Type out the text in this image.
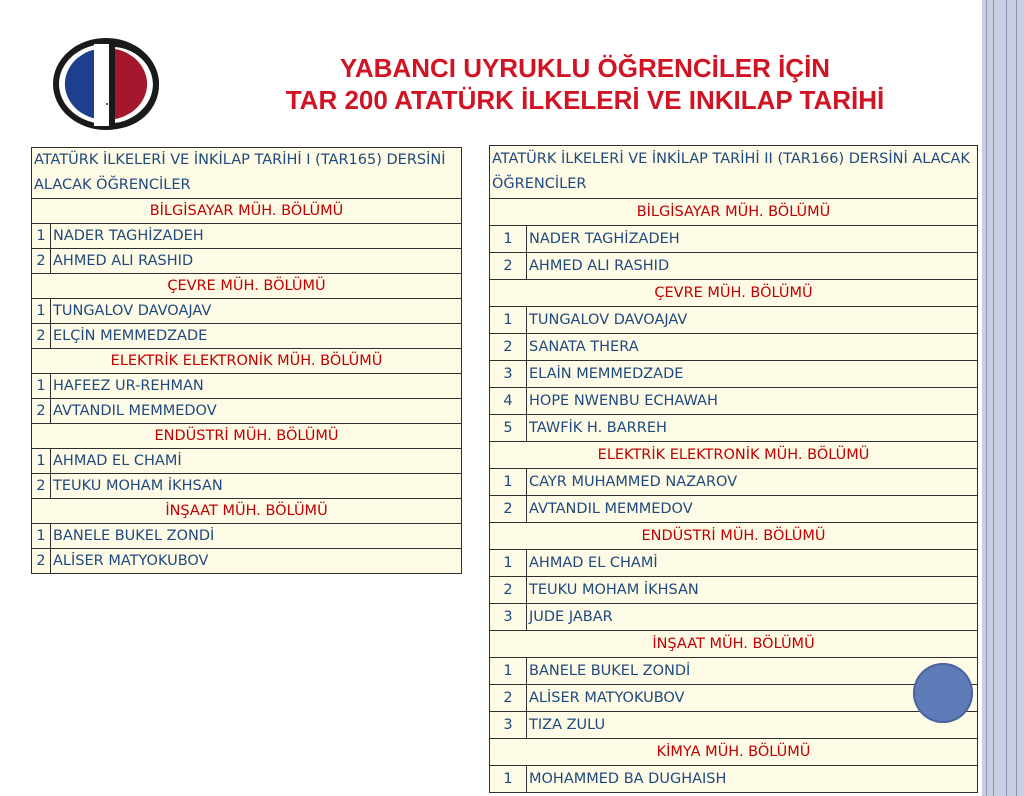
YABANCI UYRUKLU ÖĞRENCİLER İÇİN
TAR 200 ATATÜRK İLKELERİ VE INKILAP TARİHİ
ATATÜRK İLKELERİ VE İNKİLAP TARİHİ I (TAR165) DERSİNİ ALACAK ÖĞRENCİLER	
BİLGİSAYAR MÜH. BÖLÜMÜ	
1	NADER TAGHİZADEH
2	AHMED ALI RASHID
ÇEVRE MÜH. BÖLÜMÜ	
1	TUNGALOV DAVOAJAV
2	ELÇİN MEMMEDZADE
ELEKTRİK ELEKTRONİK MÜH. BÖLÜMÜ	
1	HAFEEZ UR-REHMAN
2	AVTANDIL MEMMEDOV
ENDÜSTRİ MÜH. BÖLÜMÜ	
1	AHMAD EL CHAMİ
2	TEUKU MOHAM İKHSAN
İNŞAAT MÜH. BÖLÜMÜ	
1	BANELE BUKEL ZONDİ
2	ALİSER MATYOKUBOV
ATATÜRK İLKELERİ VE İNKİLAP TARİHİ II (TAR166) DERSİNİ ALACAK ÖĞRENCİLER	
BİLGİSAYAR MÜH. BÖLÜMÜ	
1	NADER TAGHİZADEH
2	AHMED ALI RASHID
ÇEVRE MÜH. BÖLÜMÜ	
1	TUNGALOV DAVOAJAV
2	SANATA THERA
3	ELAİN MEMMEDZADE
4	HOPE NWENBU ECHAWAH
5	TAWFİK H. BARREH
ELEKTRİK ELEKTRONİK MÜH. BÖLÜMÜ	
1	CAYR MUHAMMED NAZAROV
2	AVTANDIL MEMMEDOV
ENDÜSTRİ MÜH. BÖLÜMÜ	
1	AHMAD EL CHAMİ
2	TEUKU MOHAM İKHSAN
3	JUDE JABAR
İNŞAAT MÜH. BÖLÜMÜ	
1	BANELE BUKEL ZONDİ
2	ALİSER MATYOKUBOV
3	TIZA ZULU
KİMYA MÜH. BÖLÜMÜ	
1	MOHAMMED BA DUGHAISH
